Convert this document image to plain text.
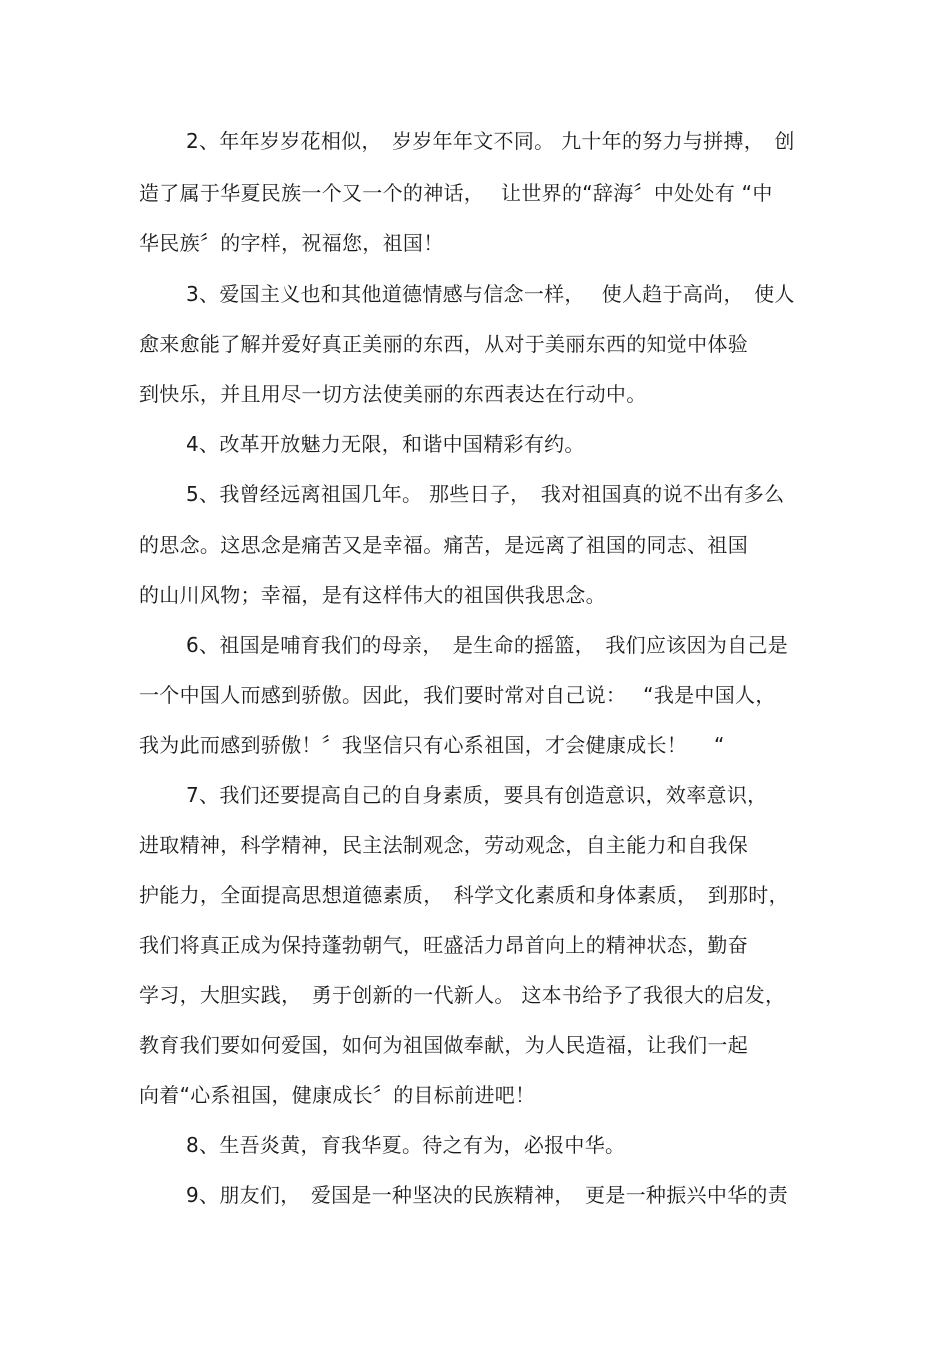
2、年年岁岁花相似，　岁岁年年文不同。 九十年的努力与拼搏，　创
造了属于华夏民族一个又一个的神话，　 让世界的“辞海〞中处处有 “中
华民族〞的字样，祝福您，祖国！
3、爱国主义也和其他道德情感与信念一样，　 使人趋于高尚，　使人
愈来愈能了解并爱好真正美丽的东西，从对于美丽东西的知觉中体验
到快乐，并且用尽一切方法使美丽的东西表达在行动中。
4、改革开放魅力无限，和谐中国精彩有约。
5、我曾经远离祖国几年。 那些日子，　我对祖国真的说不出有多么
的思念。这思念是痛苦又是幸福。痛苦，是远离了祖国的同志、祖国
的山川风物；幸福，是有这样伟大的祖国供我思念。
6、祖国是哺育我们的母亲，　是生命的摇篮，　我们应该因为自己是
一个中国人而感到骄傲。因此，我们要时常对自己说：　 “我是中国人，
我为此而感到骄傲！〞我坚信只有心系祖国，才会健康成长！　 “
7、我们还要提高自己的自身素质，要具有创造意识，效率意识，
进取精神，科学精神，民主法制观念，劳动观念，自主能力和自我保
护能力，全面提高思想道德素质，　科学文化素质和身体素质，　到那时，
我们将真正成为保持蓬勃朝气，旺盛活力昂首向上的精神状态，勤奋
学习，大胆实践，　勇于创新的一代新人。 这本书给予了我很大的启发，
教育我们要如何爱国，如何为祖国做奉献，为人民造福，让我们一起
向着“心系祖国，健康成长〞的目标前进吧！
8、生吾炎黄，育我华夏。待之有为，必报中华。
9、朋友们，　爱国是一种坚决的民族精神，　更是一种振兴中华的责
